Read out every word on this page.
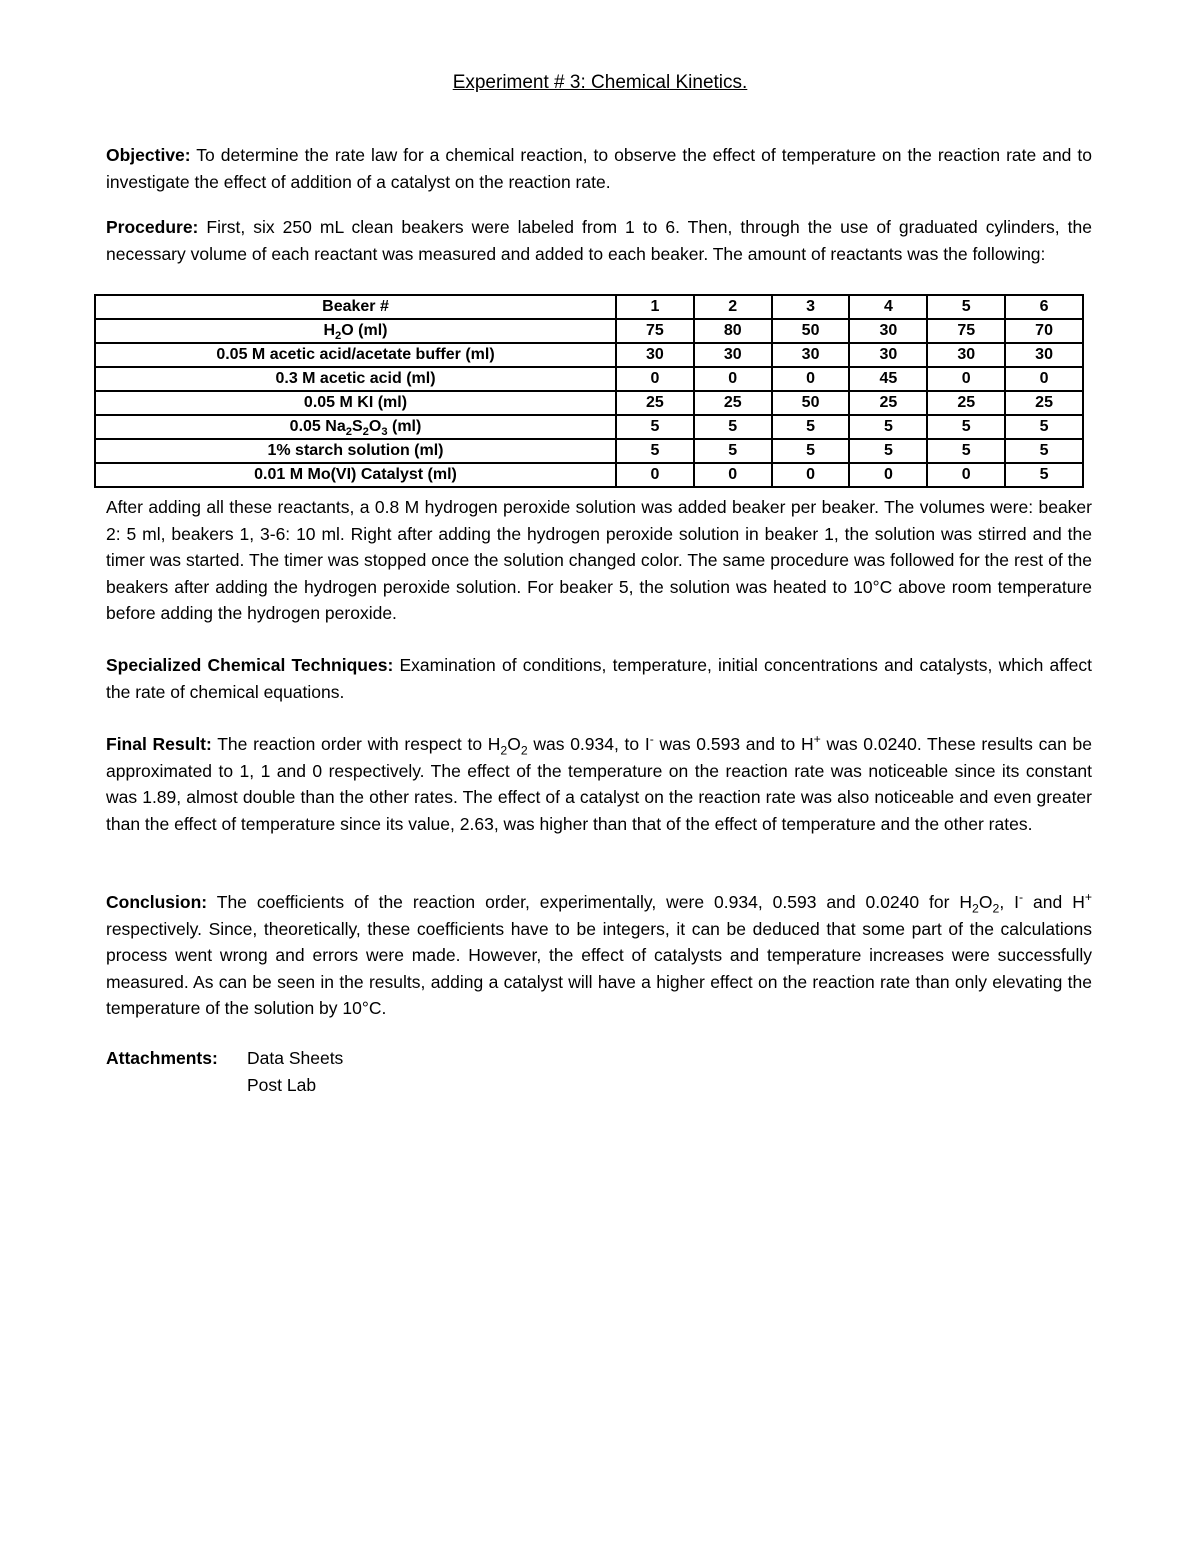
Experiment # 3: Chemical Kinetics.
Objective: To determine the rate law for a chemical reaction, to observe the effect of temperature on the reaction rate and to investigate the effect of addition of a catalyst on the reaction rate.
Procedure: First, six 250 mL clean beakers were labeled from 1 to 6. Then, through the use of graduated cylinders, the necessary volume of each reactant was measured and added to each beaker. The amount of reactants was the following:
Beaker #	1	2	3	4	5	6
$H_2O$ (ml)	75	80	50	30	75	70
0.05 M acetic acid/acetate buffer (ml)	30	30	30	30	30	30
0.3 M acetic acid (ml)	0	0	0	45	0	0
0.05 M KI (ml)	25	25	50	25	25	25
0.05 $Na_2S_2O_3$ (ml)	5	5	5	5	5	5
1% starch solution (ml)	5	5	5	5	5	5
0.01 M Mo(VI) Catalyst (ml)	0	0	0	0	0	5
After adding all these reactants, a 0.8 M hydrogen peroxide solution was added beaker per beaker. The volumes were: beaker 2: 5 ml, beakers 1, 3-6: 10 ml. Right after adding the hydrogen peroxide solution in beaker 1, the solution was stirred and the timer was started. The timer was stopped once the solution changed color. The same procedure was followed for the rest of the beakers after adding the hydrogen peroxide solution. For beaker 5, the solution was heated to 10°C above room temperature before adding the hydrogen peroxide.
Specialized Chemical Techniques: Examination of conditions, temperature, initial concentrations and catalysts, which affect the rate of chemical equations.
Final Result: The reaction order with respect to $H_2O_2$ was 0.934, to I- was 0.593 and to H+ was 0.0240. These results can be approximated to 1, 1 and 0 respectively. The effect of the temperature on the reaction rate was noticeable since its constant was 1.89, almost double than the other rates. The effect of a catalyst on the reaction rate was also noticeable and even greater than the effect of temperature since its value, 2.63, was higher than that of the effect of temperature and the other rates.
Conclusion: The coefficients of the reaction order, experimentally, were 0.934, 0.593 and 0.0240 for $H_2O_2$, I- and H+ respectively. Since, theoretically, these coefficients have to be integers, it can be deduced that some part of the calculations process went wrong and errors were made. However, the effect of catalysts and temperature increases were successfully measured. As can be seen in the results, adding a catalyst will have a higher effect on the reaction rate than only elevating the temperature of the solution by 10°C.
Attachments: Data Sheets
Post Lab
